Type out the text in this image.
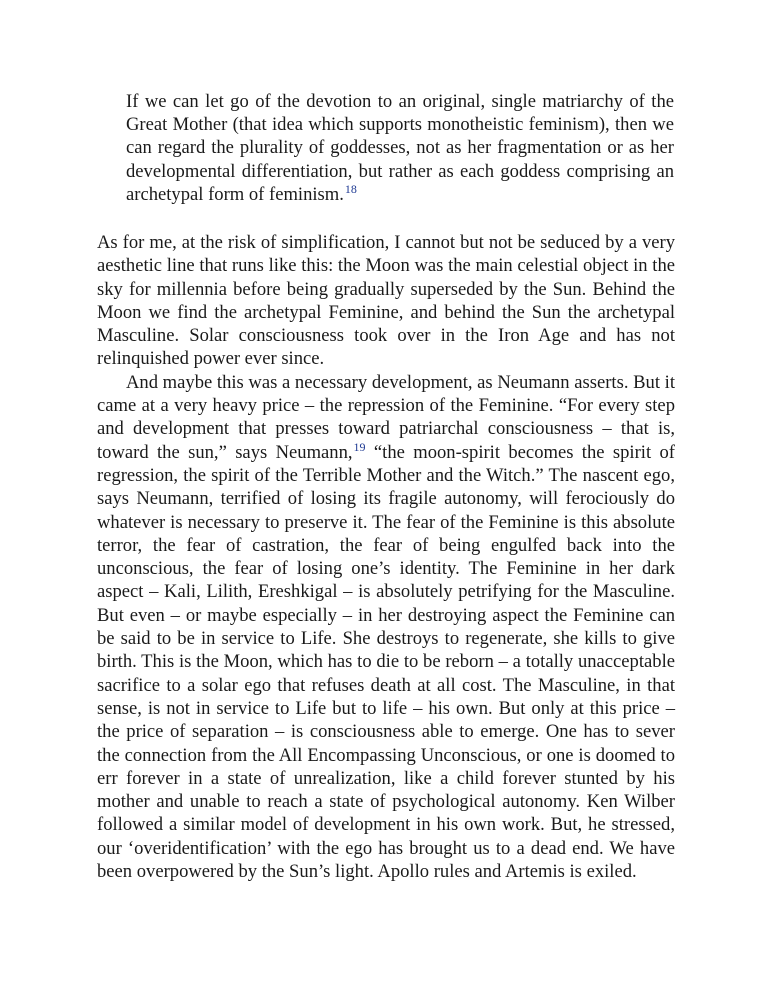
If we can let go of the devotion to an original, single matriarchy of the Great Mother (that idea which supports monotheistic feminism), then we can regard the plurality of goddesses, not as her fragmentation or as her developmental differentiation, but rather as each goddess comprising an archetypal form of feminism.$^{18}$

As for me, at the risk of simplification, I cannot but not be seduced by a very aesthetic line that runs like this: the Moon was the main celestial object in the sky for millennia before being gradually superseded by the Sun. Behind the Moon we find the archetypal Feminine, and behind the Sun the archetypal Masculine. Solar consciousness took over in the Iron Age and has not relinquished power ever since.

And maybe this was a necessary development, as Neumann asserts. But it came at a very heavy price – the repression of the Feminine. “For every step and development that presses toward patriarchal consciousness – that is, toward the sun,” says Neumann,$^{19}$ “the moon-spirit becomes the spirit of regression, the spirit of the Terrible Mother and the Witch.” The nascent ego, says Neumann, terrified of losing its fragile autonomy, will ferociously do whatever is necessary to preserve it. The fear of the Feminine is this absolute terror, the fear of castration, the fear of being engulfed back into the unconscious, the fear of losing one’s identity. The Feminine in her dark aspect – Kali, Lilith, Ereshkigal – is absolutely petrifying for the Masculine. But even – or maybe especially – in her destroying aspect the Feminine can be said to be in service to Life. She destroys to regenerate, she kills to give birth. This is the Moon, which has to die to be reborn – a totally unacceptable sacrifice to a solar ego that refuses death at all cost. The Masculine, in that sense, is not in service to Life but to life – his own. But only at this price – the price of separation – is consciousness able to emerge. One has to sever the connection from the All Encompassing Unconscious, or one is doomed to err forever in a state of unrealization, like a child forever stunted by his mother and unable to reach a state of psychological autonomy. Ken Wilber followed a similar model of development in his own work. But, he stressed, our ‘overidentification’ with the ego has brought us to a dead end. We have been overpowered by the Sun’s light. Apollo rules and Artemis is exiled.
